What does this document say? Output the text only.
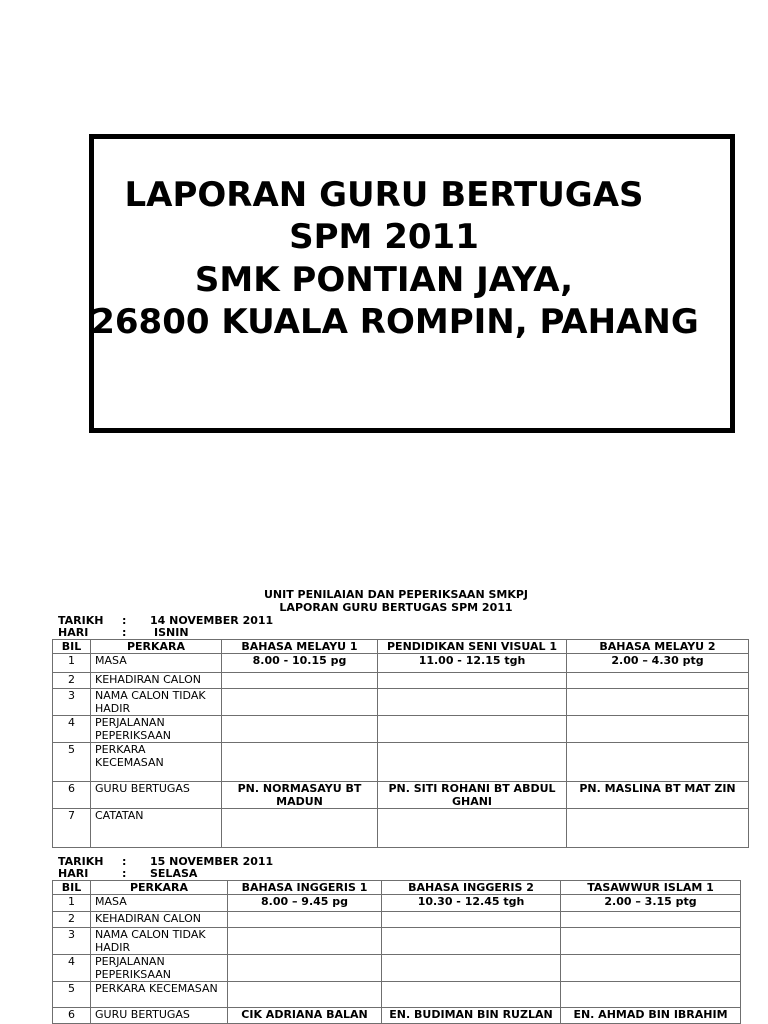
LAPORAN GURU BERTUGAS
SPM 2011
SMK PONTIAN JAYA,
26800 KUALA ROMPIN, PAHANG
UNIT PENILAIAN DAN PEPERIKSAAN SMKPJ
LAPORAN GURU BERTUGAS SPM 2011
TARIKH : 14 NOVEMBER 2011
HARI	:	ISNIN
BIL	PERKARA	BAHASA MELAYU 1	PENDIDIKAN SENI VISUAL 1	BAHASA MELAYU 2
1	MASA	8.00 - 10.15 pg	11.00 - 12.15 tgh	2.00 – 4.30 ptg
2	KEHADIRAN CALON			
3	NAMA CALON TIDAK HADIR			
4	PERJALANAN PEPERIKSAAN			
5	PERKARA KECEMASAN			
6	GURU BERTUGAS	PN. NORMASAYU BT MADUN	PN. SITI ROHANI BT ABDUL GHANI	PN. MASLINA BT MAT ZIN
7	CATATAN			
TARIKH : 15 NOVEMBER 2011
HARI	: SELASA
BIL	PERKARA	BAHASA INGGERIS 1	BAHASA INGGERIS 2	TASAWWUR ISLAM 1
1	MASA	8.00 – 9.45 pg	10.30 - 12.45 tgh	2.00 – 3.15 ptg
2	KEHADIRAN CALON			
3	NAMA CALON TIDAK HADIR			
4	PERJALANAN PEPERIKSAAN			
5	PERKARA KECEMASAN			
6	GURU BERTUGAS	CIK ADRIANA BALAN	EN. BUDIMAN BIN RUZLAN	EN. AHMAD BIN IBRAHIM
